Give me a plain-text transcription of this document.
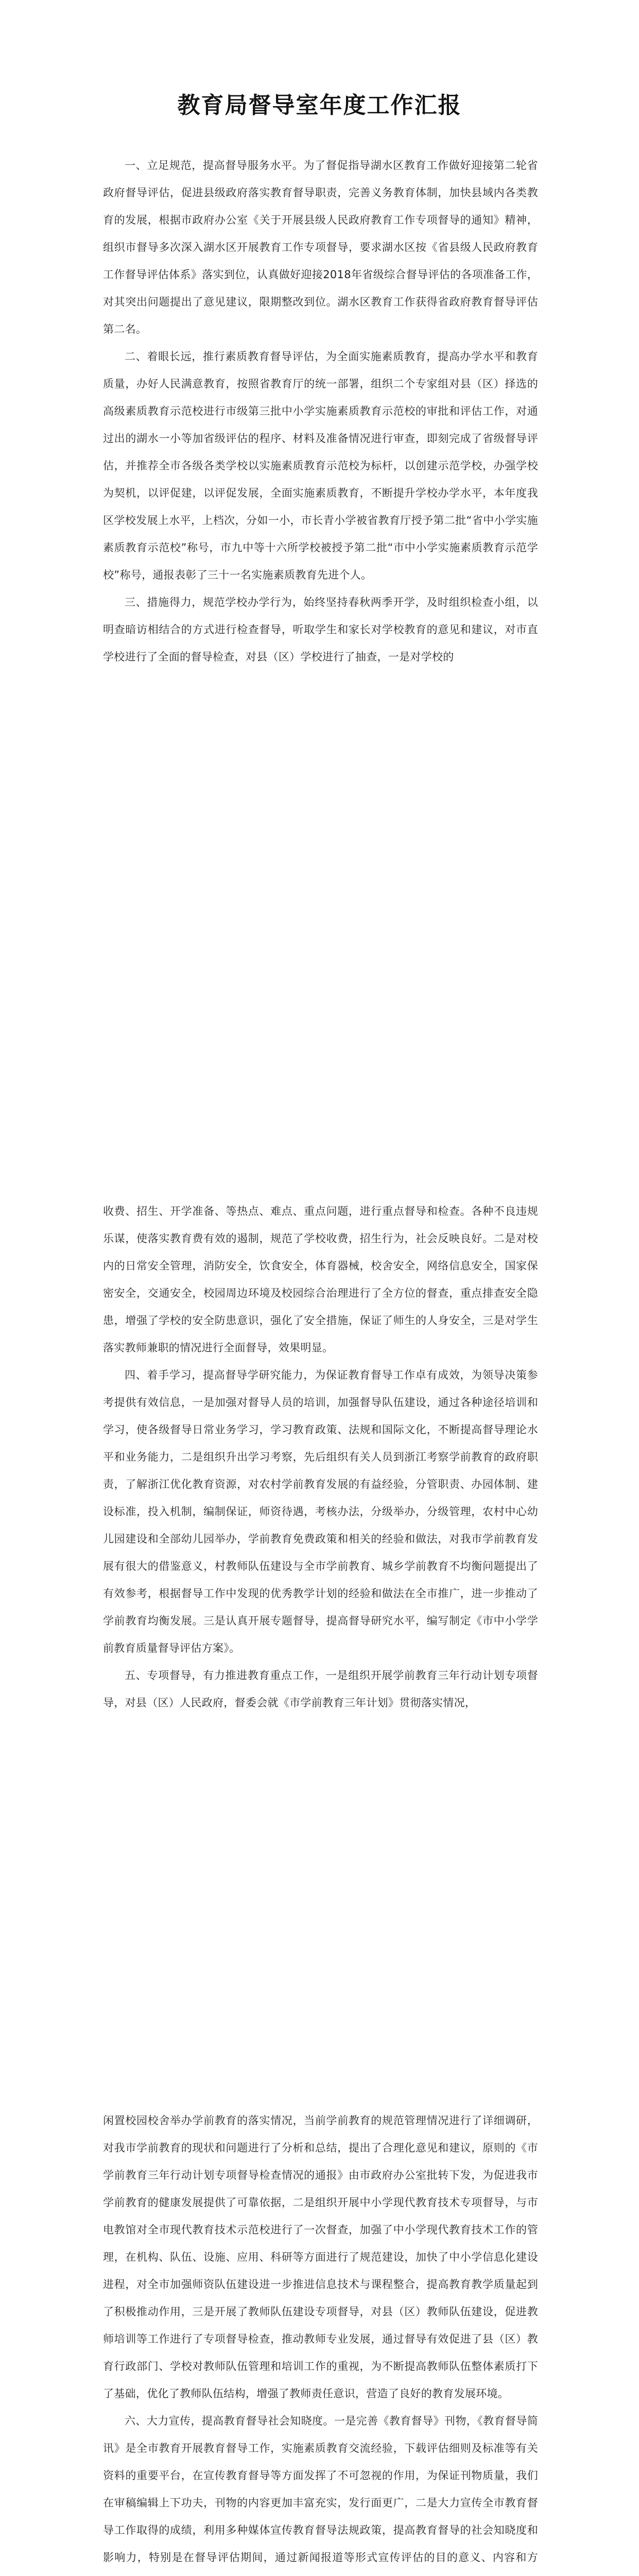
教育局督导室年度工作汇报

一、立足规范，提高督导服务水平。为了督促指导湖水区教育工作做好迎接第二轮省政府督导评估，促进县级政府落实教育督导职责，完善义务教育体制，加快县域内各类教育的发展，根据市政府办公室《关于开展县级人民政府教育工作专项督导的通知》精神，组织市督导多次深入湖水区开展教育工作专项督导，要求湖水区按《省县级人民政府教育工作督导评估体系》落实到位，认真做好迎接2018年省级综合督导评估的各项准备工作，对其突出问题提出了意见建议，限期整改到位。湖水区教育工作获得省政府教育督导评估第二名。

二、着眼长远，推行素质教育督导评估，为全面实施素质教育，提高办学水平和教育质量，办好人民满意教育，按照省教育厅的统一部署，组织二个专家组对县（区）择选的高级素质教育示范校进行市级第三批中小学实施素质教育示范校的审批和评估工作，对通过出的湖水一小等加省级评估的程序、材料及准备情况进行审查，即刻完成了省级督导评估，并推荐全市各级各类学校以实施素质教育示范校为标杆，以创建示范学校，办强学校为契机，以评促建，以评促发展，全面实施素质教育，不断提升学校办学水平，本年度我区学校发展上水平，上档次，分如一小，市长青小学被省教育厅授予第二批“省中小学实施素质教育示范校”称号，市九中等十六所学校被授予第二批“市中小学实施素质教育示范学校”称号，通报表彰了三十一名实施素质教育先进个人。

三、措施得力，规范学校办学行为，始终坚持春秋两季开学，及时组织检查小组，以明查暗访相结合的方式进行检查督导，听取学生和家长对学校教育的意见和建议，对市直学校进行了全面的督导检查，对县（区）学校进行了抽查，一是对学校的

收费、招生、开学准备、等热点、难点、重点问题，进行重点督导和检查。各种不良违规乐谋，使落实教育费有效的遏制，规范了学校收费，招生行为，社会反映良好。二是对校内的日常安全管理，消防安全，饮食安全，体育器械，校舍安全，网络信息安全，国家保密安全，交通安全，校园周边环境及校园综合治理进行了全方位的督查，重点排查安全隐患，增强了学校的安全防患意识，强化了安全措施，保证了师生的人身安全，三是对学生落实教师兼职的情况进行全面督导，效果明显。

四、着手学习，提高督导学研究能力，为保证教育督导工作卓有成效，为领导决策参考提供有效信息，一是加强对督导人员的培训，加强督导队伍建设，通过各种途径培训和学习，使各级督导日常业务学习，学习教育政策、法规和国际文化，不断提高督导理论水平和业务能力，二是组织升出学习考察，先后组织有关人员到浙江考察学前教育的政府职责，了解浙江优化教育资源，对农村学前教育发展的有益经验，分管职责、办园体制、建设标准，投入机制，编制保证，师资待遇，考核办法，分级举办，分级管理，农村中心幼儿园建设和全部幼儿园举办，学前教育免费政策和相关的经验和做法，对我市学前教育发展有很大的借鉴意义，村教师队伍建设与全市学前教育、城乡学前教育不均衡问题提出了有效参考，根据督导工作中发现的优秀教学计划的经验和做法在全市推广，进一步推动了学前教育均衡发展。三是认真开展专题督导，提高督导研究水平，编写制定《市中小学学前教育质量督导评估方案》。

五、专项督导，有力推进教育重点工作，一是组织开展学前教育三年行动计划专项督导，对县（区）人民政府，督委会就《市学前教育三年计划》贯彻落实情况，

闲置校园校舍举办学前教育的落实情况，当前学前教育的规范管理情况进行了详细调研，对我市学前教育的现状和问题进行了分析和总结，提出了合理化意见和建议，原则的《市学前教育三年行动计划专项督导检查情况的通报》由市政府办公室批转下发，为促进我市学前教育的健康发展提供了可靠依据，二是组织开展中小学现代教育技术专项督导，与市电教馆对全市现代教育技术示范校进行了一次督查，加强了中小学现代教育技术工作的管理，在机构、队伍、设施、应用、科研等方面进行了规范建设，加快了中小学信息化建设进程，对全市加强师资队伍建设进一步推进信息技术与课程整合，提高教育教学质量起到了积极推动作用，三是开展了教师队伍建设专项督导，对县（区）教师队伍建设，促进教师培训等工作进行了专项督导检查，推动教师专业发展，通过督导有效促进了县（区）教育行政部门、学校对教师队伍管理和培训工作的重视，为不断提高教师队伍整体素质打下了基础，优化了教师队伍结构，增强了教师责任意识，营造了良好的教育发展环境。

六、大力宣传，提高教育督导社会知晓度。一是完善《教育督导》刊物，《教育督导简讯》是全市教育开展教育督导工作，实施素质教育交流经验，下载评估细则及标准等有关资料的重要平台，在宣传教育督导等方面发挥了不可忽视的作用，为保证刊物质量，我们在审稿编辑上下功夫，刊物的内容更加丰富充实，发行面更广，二是大力宣传全市教育督导工作取得的成绩，利用多种媒体宣传教育督导法规政策，提高教育督导的社会知晓度和影响力，特别是在督导评估期间，通过新闻报道等形式宣传评估的目的意义、内容和方
